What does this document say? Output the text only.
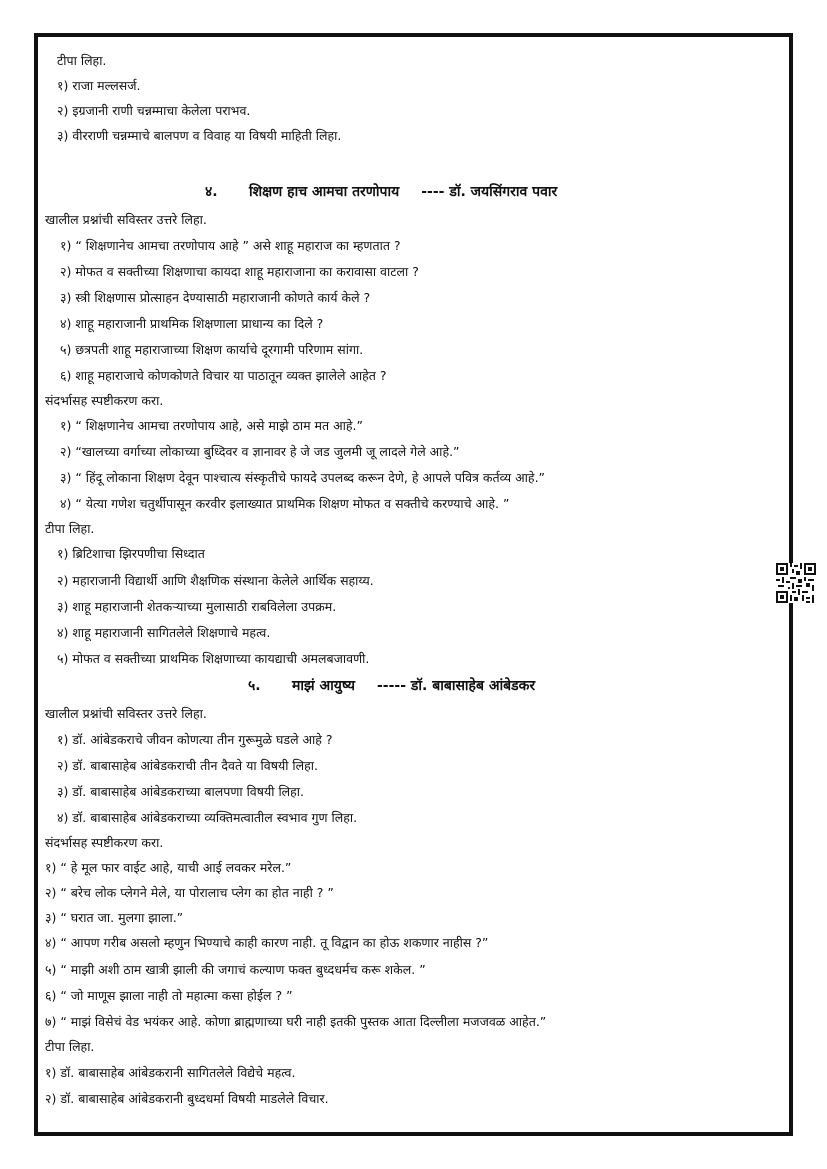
टीपा लिहा.
१) राजा मल्लसर्ज.
२) इग्रजानी राणी चन्नम्माचा केलेला पराभव.
३) वीरराणी चन्नम्माचे बालपण व विवाह या विषयी माहिती लिहा.
४. शिक्षण हाच आमचा तरणोपाय ---- डॉ. जयसिंगराव पवार
खालील प्रश्नांची सविस्तर उत्तरे लिहा.
१) “ शिक्षणानेच आमचा तरणोपाय आहे ” असे शाहू महाराज का म्हणतात ?
२) मोफत व सक्तीच्या शिक्षणाचा कायदा शाहू महाराजाना का करावासा वाटला ?
३) स्त्री शिक्षणास प्रोत्साहन देण्यासाठी महाराजानी कोणते कार्य केले ?
४) शाहू महाराजानी प्राथमिक शिक्षणाला प्राधान्य का दिले ?
५) छत्रपती शाहू महाराजाच्या शिक्षण कार्याचे दूरगामी परिणाम सांगा.
६) शाहू महाराजाचे कोणकोणते विचार या पाठातून व्यक्त झालेले आहेत ?
संदर्भासह स्पष्टीकरण करा.
१) “ शिक्षणानेच आमचा तरणोपाय आहे, असे माझे ठाम मत आहे.”
२) “खालच्या वर्गाच्या लोकाच्या बुध्दिवर व ज्ञानावर हे जे जड जुलमी जू लादले गेले आहे.”
३) “ हिंदू लोकाना शिक्षण देवून पाश्चात्य संस्कृतीचे फायदे उपलब्द करून देणे, हे आपले पवित्र कर्तव्य आहे.”
४) “ येत्या गणेश चतुर्थीपासून करवीर इलाख्यात प्राथमिक शिक्षण मोफत व सक्तीचे करण्याचे आहे. ”
टीपा लिहा.
१) ब्रिटिशाचा झिरपणीचा सिध्दात
२) महाराजानी विद्यार्थी आणि शैक्षणिक संस्थाना केलेले आर्थिक सहाय्य.
३) शाहू महाराजानी शेतकऱ्याच्या मुलासाठी राबविलेला उपक्रम.
४) शाहू महाराजानी सागितलेले शिक्षणाचे महत्व.
५) मोफत व सक्तीच्या प्राथमिक शिक्षणाच्या कायद्याची अमलबजावणी.
५. माझं आयुष्य ----- डॉ. बाबासाहेब आंबेडकर
खालील प्रश्नांची सविस्तर उत्तरे लिहा.
१) डॉ. आंबेडकराचे जीवन कोणत्या तीन गुरूमुळे घडले आहे ?
२) डॉ. बाबासाहेब आंबेडकराची तीन दैवते या विषयी लिहा.
३) डॉ. बाबासाहेब आंबेडकराच्या बालपणा विषयी लिहा.
४) डॉ. बाबासाहेब आंबेडकराच्या व्यक्तिमत्वातील स्वभाव गुण लिहा.
संदर्भासह स्पष्टीकरण करा.
१) “ हे मूल फार वाईट आहे, याची आई लवकर मरेल.”
२) “ बरेच लोक प्लेगने मेले, या पोरालाच प्लेग का होत नाही ? ”
३) “ घरात जा. मुलगा झाला.”
४) “ आपण गरीब असलो म्हणुन भिण्याचे काही कारण नाही. तू विद्वान का होऊ शकणार नाहीस ?”
५) “ माझी अशी ठाम खात्री झाली की जगाचं कल्याण फक्त बुध्दधर्मच करू शकेल. ”
६) “ जो माणूस झाला नाही तो महात्मा कसा होईल ? ”
७) “ माझं विसेचं वेड भयंकर आहे. कोणा ब्राह्मणाच्या घरी नाही इतकी पुस्तक आता दिल्लीला मजजवळ आहेत.”
टीपा लिहा.
१) डॉ. बाबासाहेब आंबेडकरानी सागितलेले विद्येचे महत्व.
२) डॉ. बाबासाहेब आंबेडकरानी बुध्दधर्मा विषयी माडलेले विचार.
